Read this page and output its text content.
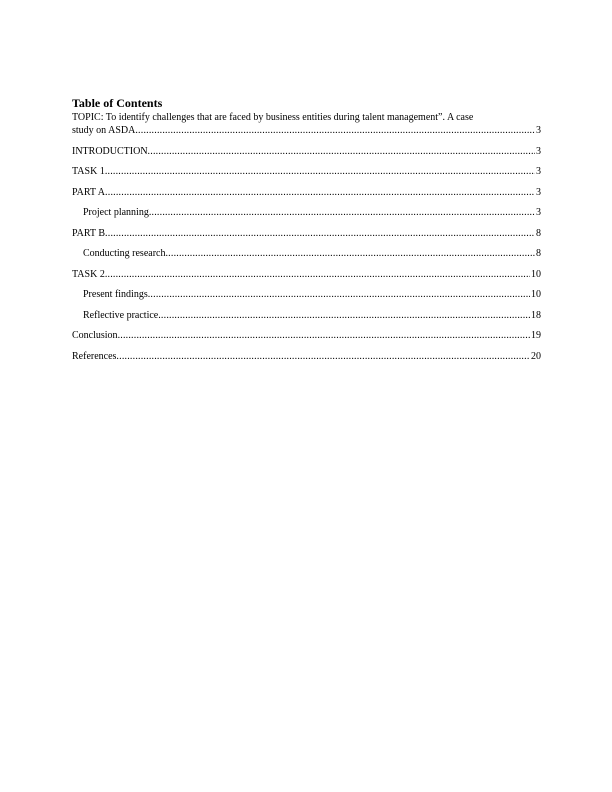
Table of Contents
TOPIC: To identify challenges that are faced by business entities during talent management”. A case
study on ASDA .....	3
INTRODUCTION .....	3
TASK 1 .....	3
PART A .....	3
Project planning .....	3
PART B .....	8
Conducting research .....	8
TASK 2 .....	10
Present findings .....	10
Reflective practice .....	18
Conclusion .....	19
References .....	20
